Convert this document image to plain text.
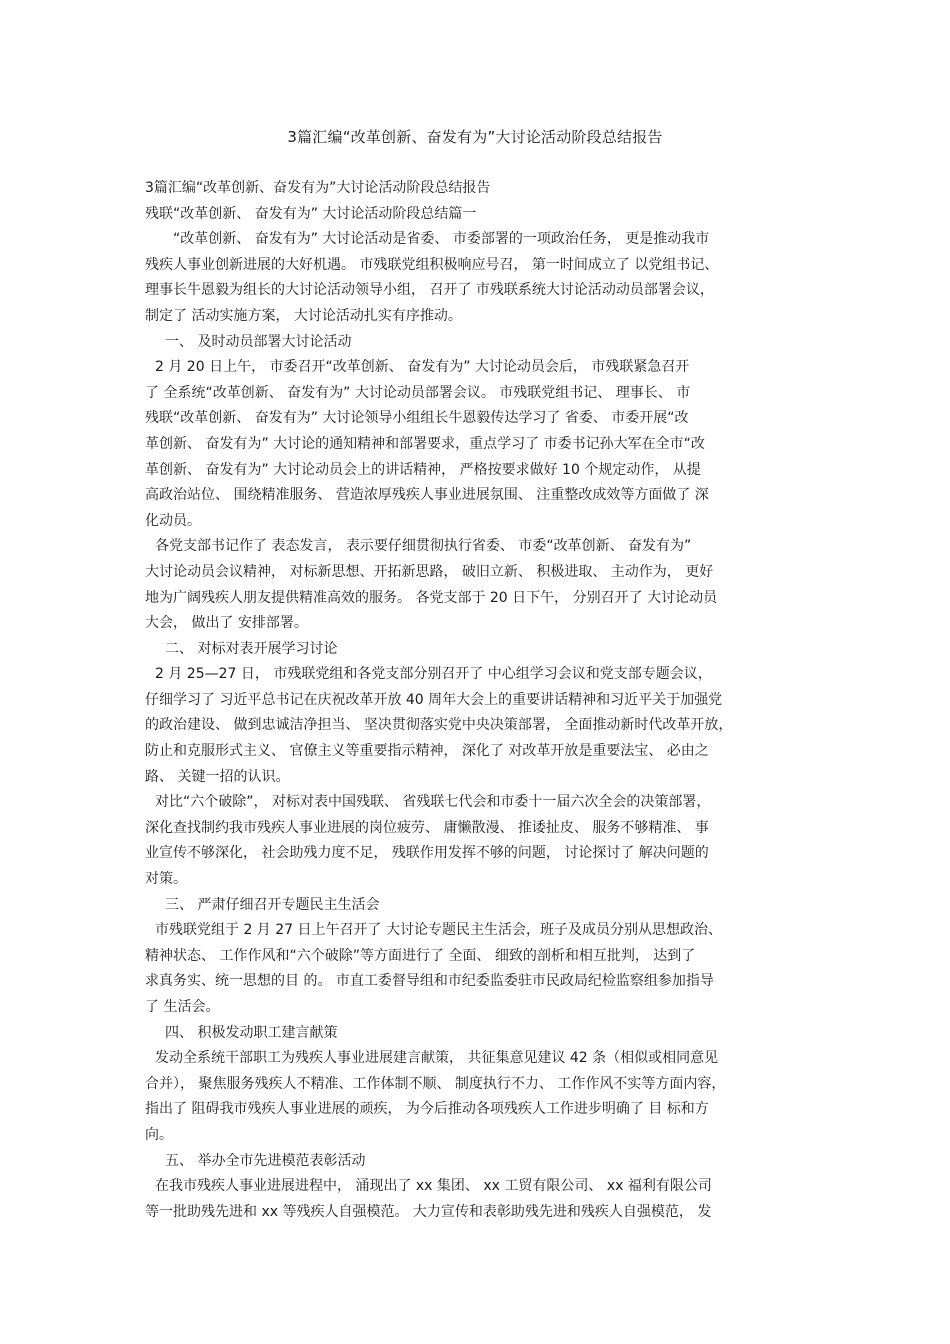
3篇汇编“改革创新、奋发有为”大讨论活动阶段总结报告
3篇汇编“改革创新、奋发有为”大讨论活动阶段总结报告
残联“改革创新、 奋发有为” 大讨论活动阶段总结篇一

“改革创新、 奋发有为” 大讨论活动是省委、 市委部署的一项政治任务， 更是推动我市
残疾人事业创新进展的大好机遇。 市残联党组积极响应号召， 第一时间成立了 以党组书记、
理事长牛恩毅为组长的大讨论活动领导小组， 召开了 市残联系统大讨论活动动员部署会议，
制定了 活动实施方案， 大讨论活动扎实有序推动。

一、 及时动员部署大讨论活动

2 月 20 日上午， 市委召开“改革创新、 奋发有为” 大讨论动员会后， 市残联紧急召开
了 全系统“改革创新、 奋发有为” 大讨论动员部署会议。 市残联党组书记、 理事长、 市
残联“改革创新、 奋发有为” 大讨论领导小组组长牛恩毅传达学习了 省委、 市委开展“改
革创新、 奋发有为” 大讨论的通知精神和部署要求，重点学习了 市委书记孙大军在全市“改
革创新、 奋发有为” 大讨论动员会上的讲话精神， 严格按要求做好 10 个规定动作， 从提
高政治站位、 围绕精准服务、 营造浓厚残疾人事业进展氛围、 注重整改成效等方面做了 深
化动员。

各党支部书记作了 表态发言， 表示要仔细贯彻执行省委、 市委“改革创新、 奋发有为”
大讨论动员会议精神， 对标新思想、开拓新思路， 破旧立新、 积极进取、 主动作为， 更好
地为广阔残疾人朋友提供精准高效的服务。 各党支部于 20 日下午， 分别召开了 大讨论动员
大会， 做出了 安排部署。

二、 对标对表开展学习讨论

2 月 25—27 日， 市残联党组和各党支部分别召开了 中心组学习会议和党支部专题会议，
仔细学习了 习近平总书记在庆祝改革开放 40 周年大会上的重要讲话精神和习近平关于加强党
的政治建设、 做到忠诚洁净担当、 坚决贯彻落实党中央决策部署， 全面推动新时代改革开放，
防止和克服形式主义、 官僚主义等重要指示精神， 深化了 对改革开放是重要法宝、 必由之
路、 关键一招的认识。

对比“六个破除”， 对标对表中国残联、 省残联七代会和市委十一届六次全会的决策部署，
深化查找制约我市残疾人事业进展的岗位疲劳、 庸懒散漫、 推诿扯皮、 服务不够精准、 事
业宣传不够深化， 社会助残力度不足， 残联作用发挥不够的问题， 讨论探讨了 解决问题的
对策。

三、 严肃仔细召开专题民主生活会

市残联党组于 2 月 27 日上午召开了 大讨论专题民主生活会，班子及成员分别从思想政治、
精神状态、 工作作风和“六个破除”等方面进行了 全面、 细致的剖析和相互批判， 达到了
求真务实、统一思想的目 的。 市直工委督导组和市纪委监委驻市民政局纪检监察组参加指导
了 生活会。

四、 积极发动职工建言献策

发动全系统干部职工为残疾人事业进展建言献策， 共征集意见建议 42 条（相似或相同意见
合并）， 聚焦服务残疾人不精准、工作体制不顺、 制度执行不力、 工作作风不实等方面内容，
指出了 阻碍我市残疾人事业进展的顽疾， 为今后推动各项残疾人工作进步明确了 目 标和方
向。

五、 举办全市先进模范表彰活动

在我市残疾人事业进展进程中， 涌现出了 xx 集团、 xx 工贸有限公司、 xx 福利有限公司
等一批助残先进和 xx 等残疾人自强模范。 大力宣传和表彰助残先进和残疾人自强模范， 发
